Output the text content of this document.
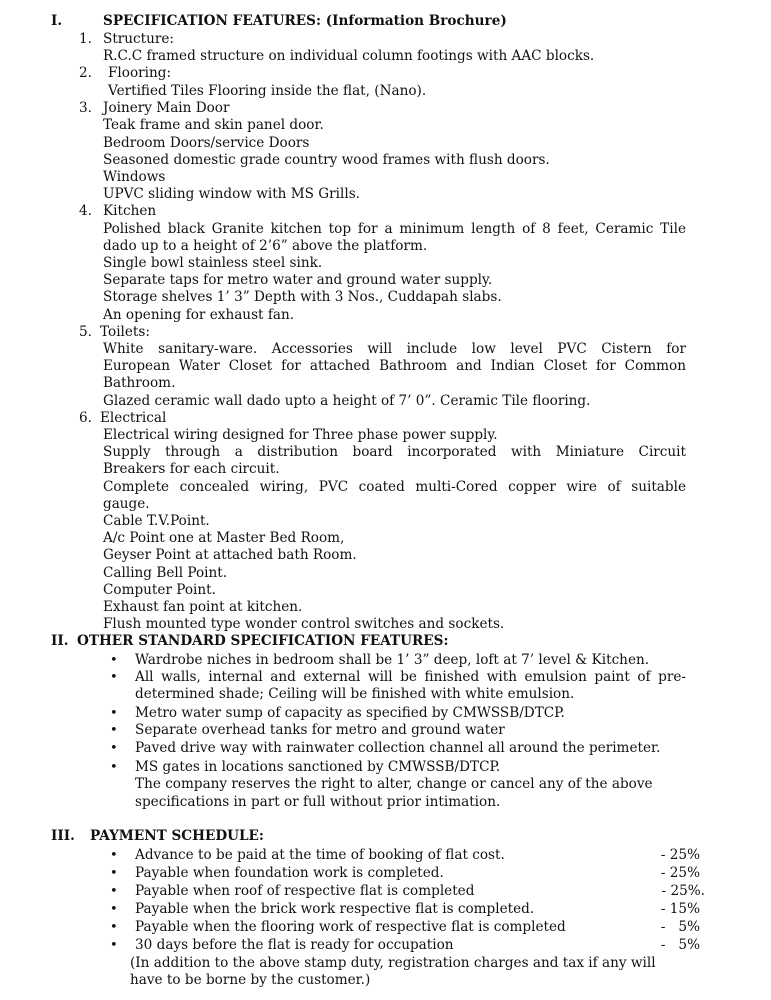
I.	SPECIFICATION FEATURES: (Information Brochure)
1. Structure:
R.C.C framed structure on individual column footings with AAC blocks.
2. Flooring:
Vertified Tiles Flooring inside the flat, (Nano).
3. Joinery Main Door
Teak frame and skin panel door.
Bedroom Doors/service Doors
Seasoned domestic grade country wood frames with flush doors.
Windows
UPVC sliding window with MS Grills.
4. Kitchen
Polished black Granite kitchen top for a minimum length of 8 feet, Ceramic Tile
dado up to a height of 2’6” above the platform.
Single bowl stainless steel sink.
Separate taps for metro water and ground water supply.
Storage shelves 1’ 3” Depth with 3 Nos., Cuddapah slabs.
An opening for exhaust fan.
5. Toilets:
White sanitary-ware. Accessories will include low level PVC Cistern for
European Water Closet for attached Bathroom and Indian Closet for Common
Bathroom.
Glazed ceramic wall dado upto a height of 7’ 0”. Ceramic Tile flooring.
6. Electrical
Electrical wiring designed for Three phase power supply.
Supply through a distribution board incorporated with Miniature Circuit
Breakers for each circuit.
Complete concealed wiring, PVC coated multi-Cored copper wire of suitable
gauge.
Cable T.V.Point.
A/c Point one at Master Bed Room,
Geyser Point at attached bath Room.
Calling Bell Point.
Computer Point.
Exhaust fan point at kitchen.
Flush mounted type wonder control switches and sockets.
II. OTHER STANDARD SPECIFICATION FEATURES:
• Wardrobe niches in bedroom shall be 1’ 3” deep, loft at 7’ level & Kitchen.
• All walls, internal and external will be finished with emulsion paint of pre-
determined shade; Ceiling will be finished with white emulsion.
• Metro water sump of capacity as specified by CMWSSB/DTCP.
• Separate overhead tanks for metro and ground water
• Paved drive way with rainwater collection channel all around the perimeter.
• MS gates in locations sanctioned by CMWSSB/DTCP.
The company reserves the right to alter, change or cancel any of the above
specifications in part or full without prior intimation.
III. PAYMENT SCHEDULE:
• Advance to be paid at the time of booking of flat cost.	- 25%
• Payable when foundation work is completed.	- 25%
• Payable when roof of respective flat is completed	- 25%.
• Payable when the brick work respective flat is completed.	- 15%
• Payable when the flooring work of respective flat is completed	-   5%
• 30 days before the flat is ready for occupation	-   5%
(In addition to the above stamp duty, registration charges and tax if any will
have to be borne by the customer.)
